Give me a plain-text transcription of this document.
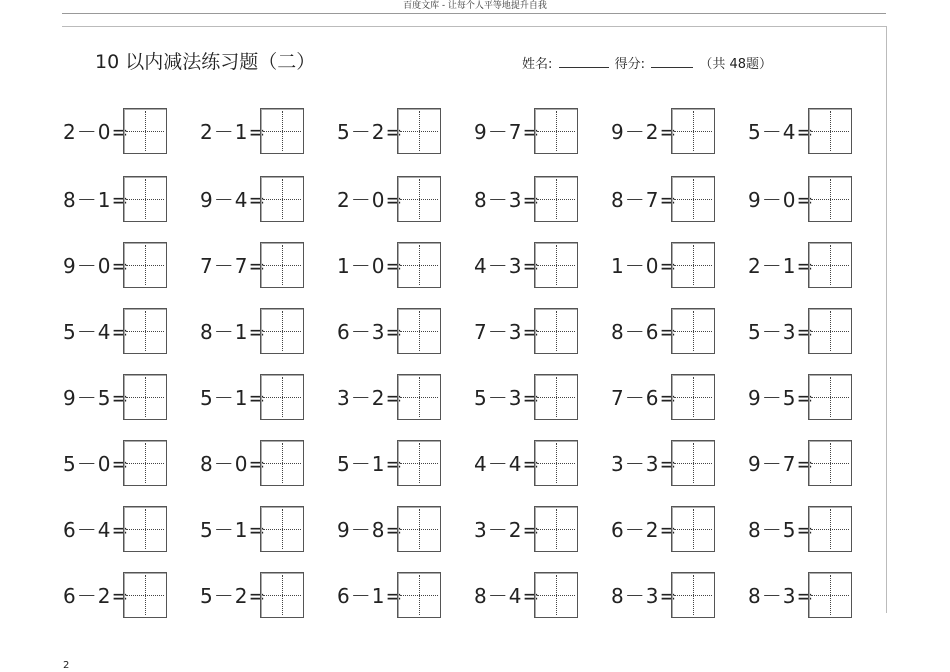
百度文库 - 让每个人平等地提升自我
10 以内减法练习题（二）	姓名:	得分:	（共 48题）
2－0=	2－1=	5－2=	9－7=	9－2=	5－4=
8－1=	9－4=	2－0=	8－3=	8－7=	9－0=
9－0=	7－7=	1－0=	4－3=	1－0=	2－1=
5－4=	8－1=	6－3=	7－3=	8－6=	5－3=
9－5=	5－1=	3－2=	5－3=	7－6=	9－5=
5－0=	8－0=	5－1=	4－4=	3－3=	9－7=
6－4=	5－1=	9－8=	3－2=	6－2=	8－5=
6－2=	5－2=	6－1=	8－4=	8－3=	8－3=
2
